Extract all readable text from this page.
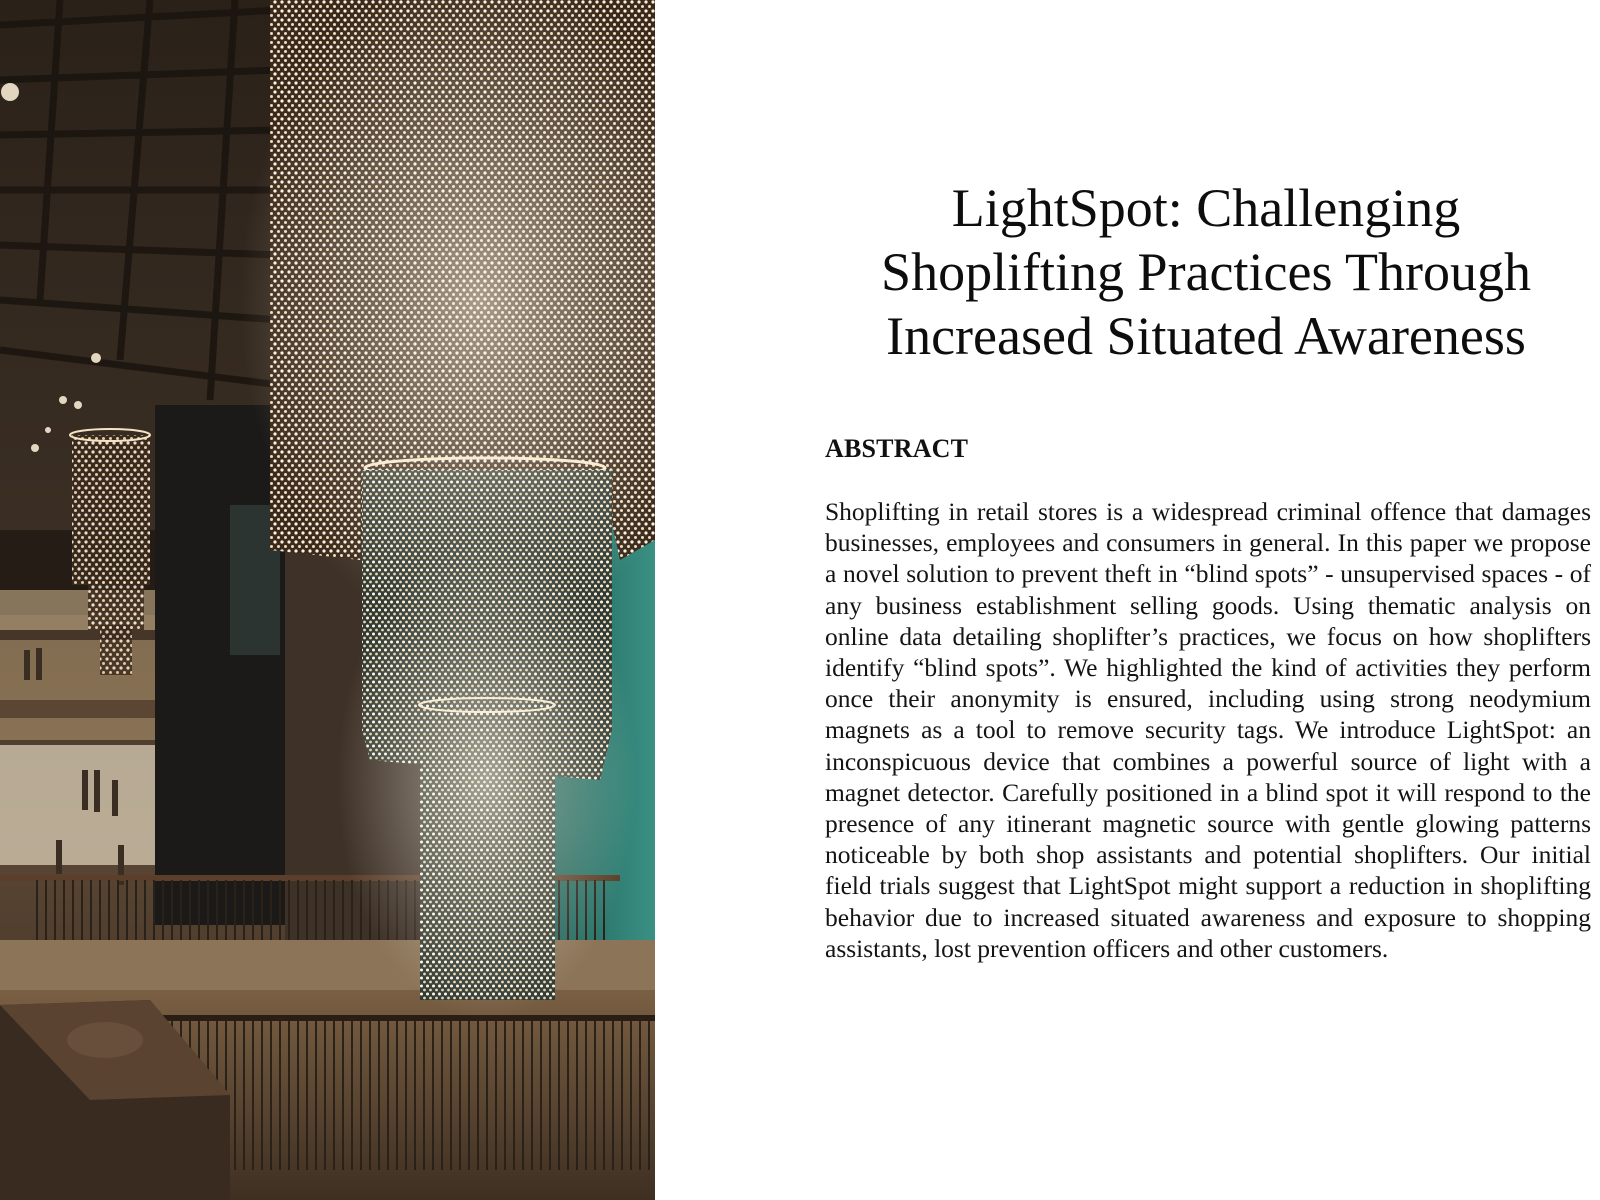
LightSpot: Challenging Shoplifting Practices Through Increased Situated Awareness
ABSTRACT

Shoplifting in retail stores is a widespread criminal offence that damages businesses, employees and consumers in general. In this paper we propose a novel solution to prevent theft in “blind spots” - unsupervised spaces - of any business establishment selling goods. Using thematic analysis on online data detailing shoplifter’s practices, we focus on how shoplifters identify “blind spots”. We highlighted the kind of activities they perform once their anonymity is ensured, including using strong neodymium magnets as a tool to remove security tags. We introduce LightSpot: an inconspicuous device that combines a powerful source of light with a magnet detector. Carefully positioned in a blind spot it will respond to the presence of any itinerant magnetic source with gentle glowing patterns noticeable by both shop assistants and potential shoplifters. Our initial field trials suggest that LightSpot might support a reduction in shoplifting behavior due to increased situated awareness and exposure to shopping assistants, lost prevention officers and other customers.
